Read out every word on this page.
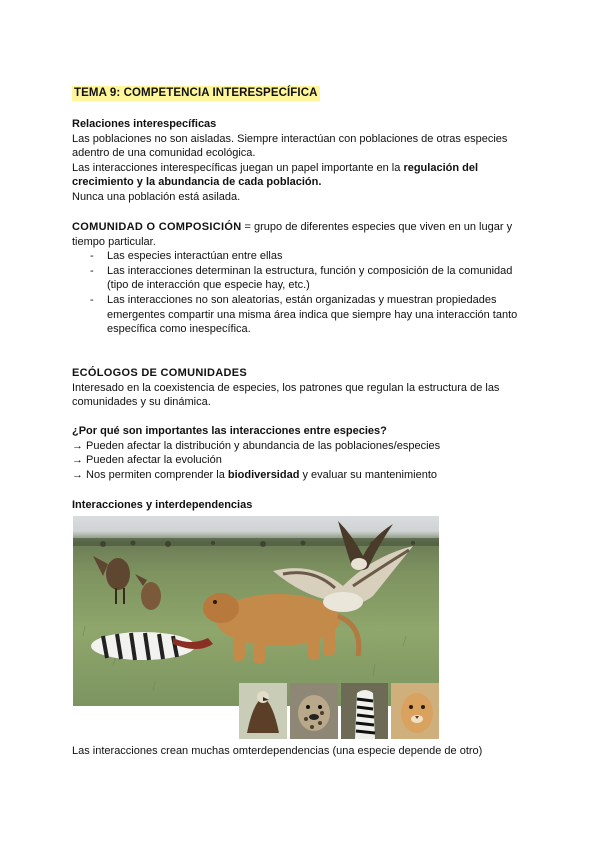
TEMA 9: COMPETENCIA INTERESPECÍFICA

Relaciones interespecíficas

Las poblaciones no son aisladas. Siempre interactúan con poblaciones de otras especies adentro de una comunidad ecológica.

Las interacciones interespecíficas juegan un papel importante en la regulación del crecimiento y la abundancia de cada población.

Nunca una población está asilada.

COMUNIDAD O COMPOSICIÓN = grupo de diferentes especies que viven en un lugar y tiempo particular.

- Las especies interactúan entre ellas
- Las interacciones determinan la estructura, función y composición de la comunidad (tipo de interacción que especie hay, etc.)
- Las interacciones no son aleatorias, están organizadas y muestran propiedades emergentes compartir una misma área indica que siempre hay una interacción tanto específica como inespecífica.

ECÓLOGOS DE COMUNIDADES

Interesado en la coexistencia de especies, los patrones que regulan la estructura de las comunidades y su dinámica.

¿Por qué son importantes las interacciones entre especies?

→ Pueden afectar la distribución y abundancia de las poblaciones/especies

→ Pueden afectar la evolución

→ Nos permiten comprender la biodiversidad y evaluar su mantenimiento

Interacciones y interdependencias

Las interacciones crean muchas omterdependencias (una especie depende de otro)
